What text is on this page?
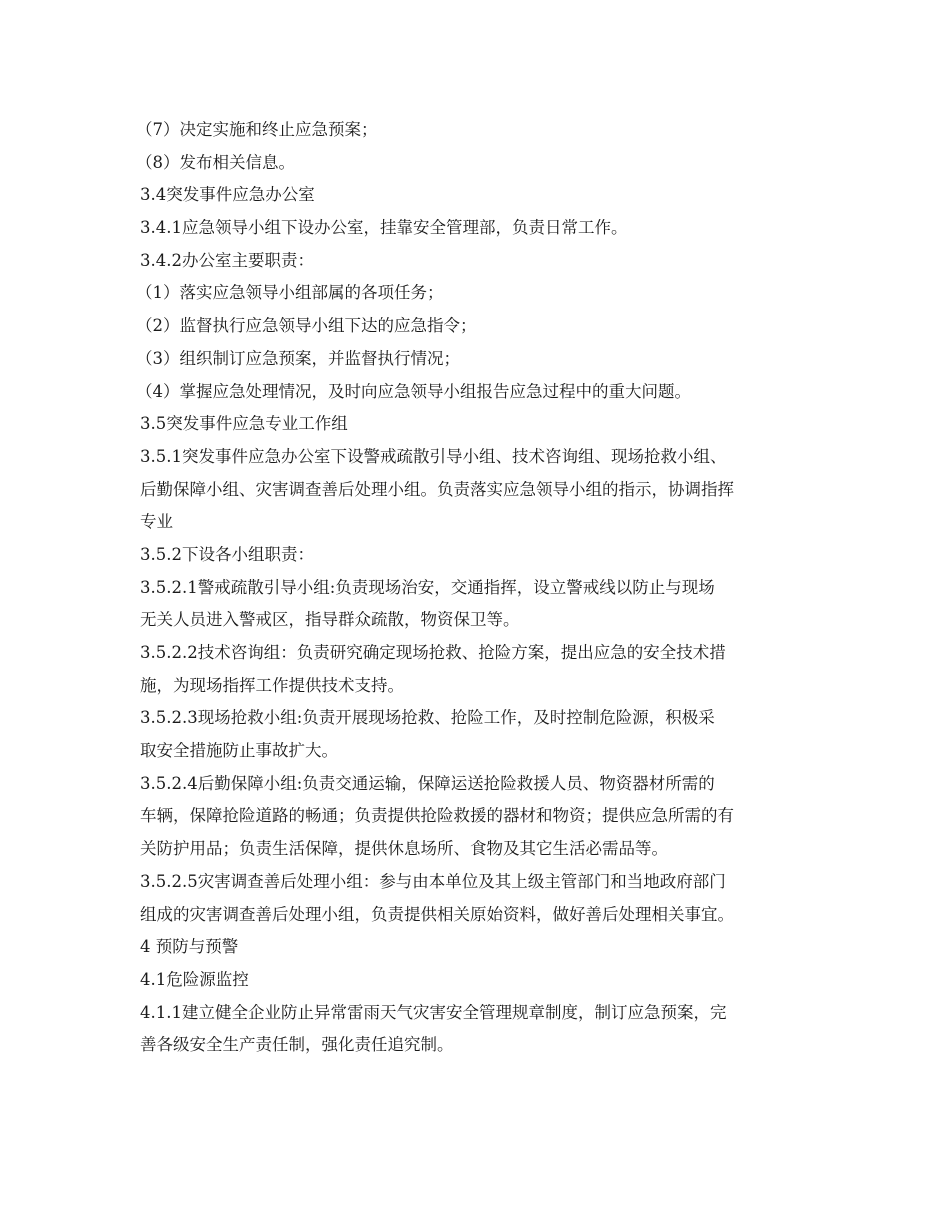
（7）决定实施和终止应急预案；

（8）发布相关信息。

3.4突发事件应急办公室

3.4.1应急领导小组下设办公室，挂靠安全管理部，负责日常工作。

3.4.2办公室主要职责：

（1）落实应急领导小组部属的各项任务；

（2）监督执行应急领导小组下达的应急指令；

（3）组织制订应急预案，并监督执行情况；

（4）掌握应急处理情况，及时向应急领导小组报告应急过程中的重大问题。

3.5突发事件应急专业工作组

3.5.1突发事件应急办公室下设警戒疏散引导小组、技术咨询组、现场抢救小组、

后勤保障小组、灾害调查善后处理小组。负责落实应急领导小组的指示，协调指挥

专业

3.5.2下设各小组职责：

3.5.2.1警戒疏散引导小组:负责现场治安，交通指挥，设立警戒线以防止与现场

无关人员进入警戒区，指导群众疏散，物资保卫等。

3.5.2.2技术咨询组：负责研究确定现场抢救、抢险方案，提出应急的安全技术措

施，为现场指挥工作提供技术支持。

3.5.2.3现场抢救小组:负责开展现场抢救、抢险工作，及时控制危险源，积极采

取安全措施防止事故扩大。

3.5.2.4后勤保障小组:负责交通运输，保障运送抢险救援人员、物资器材所需的

车辆，保障抢险道路的畅通；负责提供抢险救援的器材和物资；提供应急所需的有

关防护用品；负责生活保障，提供休息场所、食物及其它生活必需品等。

3.5.2.5灾害调查善后处理小组：参与由本单位及其上级主管部门和当地政府部门

组成的灾害调查善后处理小组，负责提供相关原始资料，做好善后处理相关事宜。

4 预防与预警

4.1危险源监控

4.1.1建立健全企业防止异常雷雨天气灾害安全管理规章制度，制订应急预案，完

善各级安全生产责任制，强化责任追究制。
